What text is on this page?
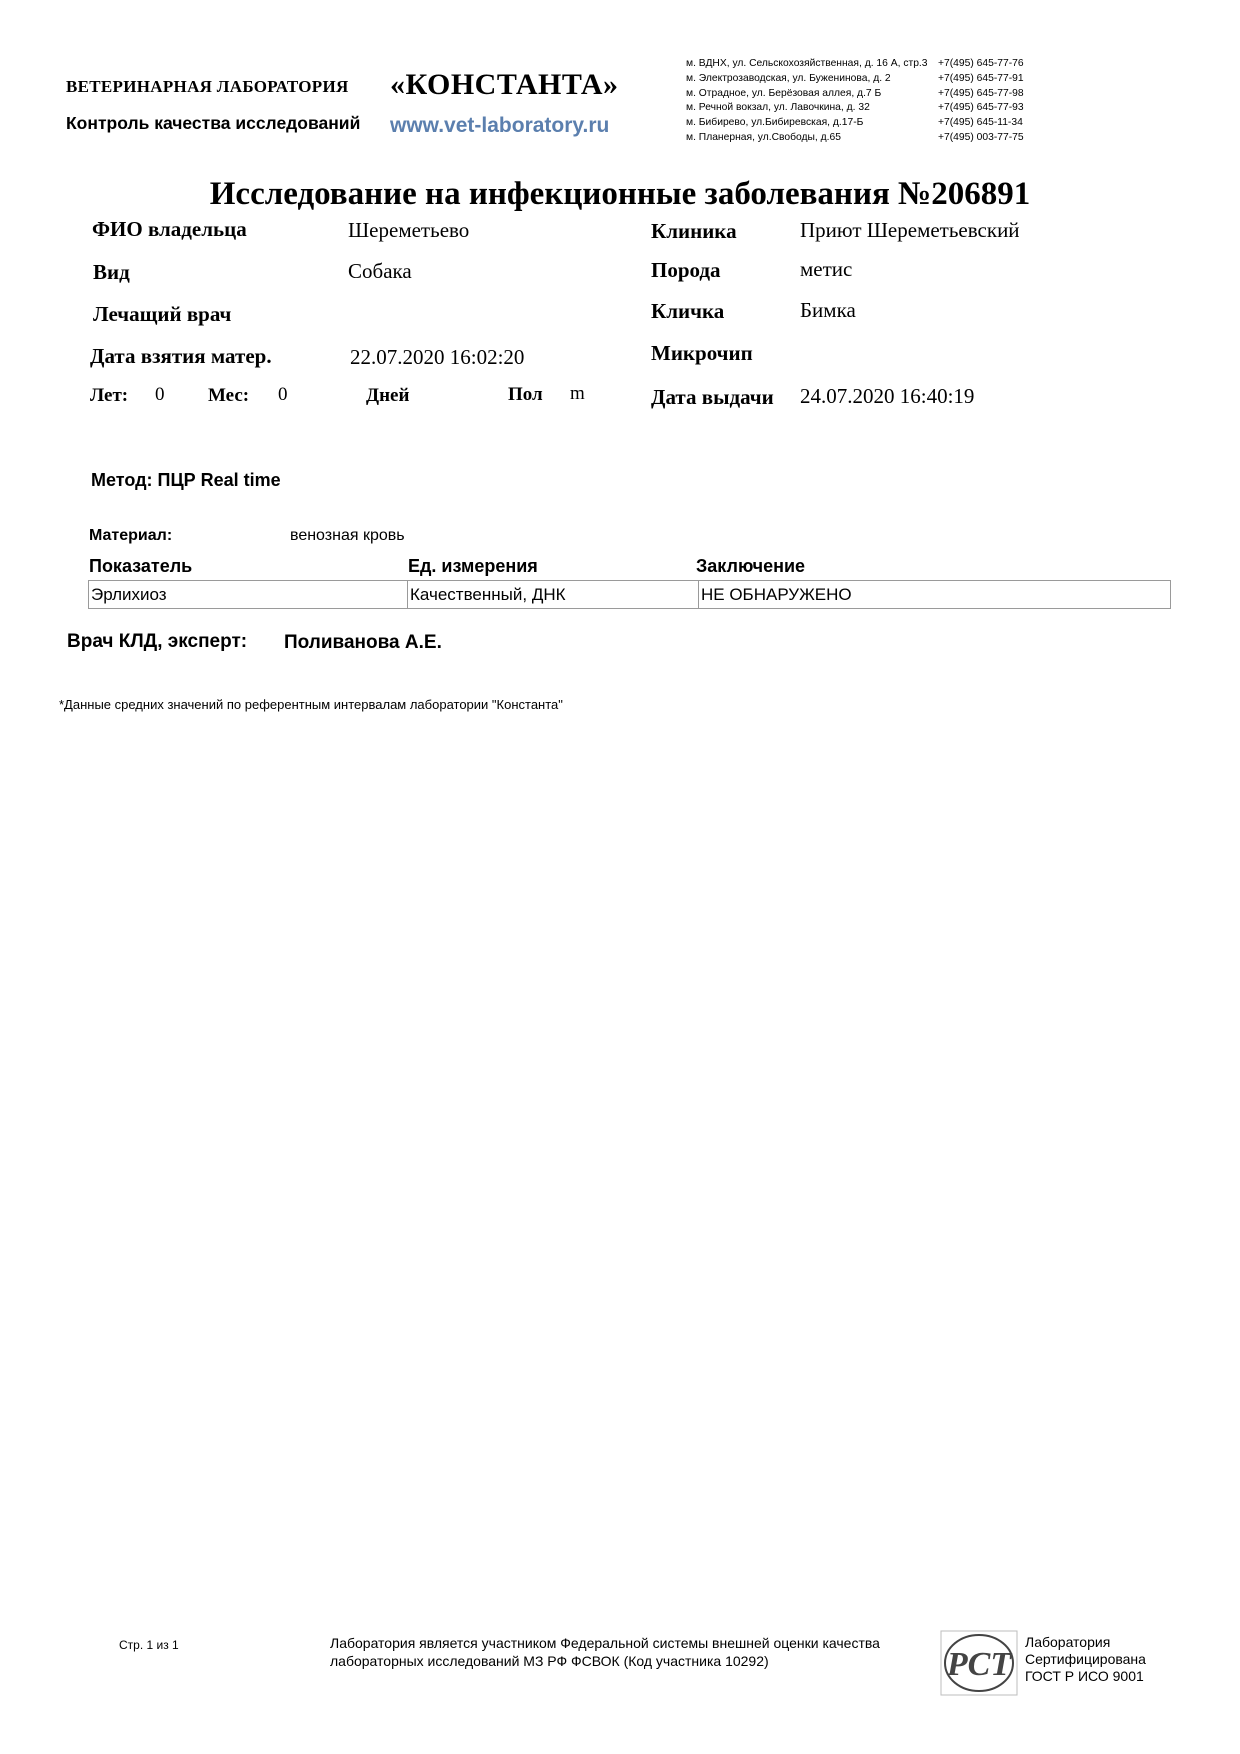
ВЕТЕРИНАРНАЯ ЛАБОРАТОРИЯ «КОНСТАНТА»
Контроль качества исследований www.vet-laboratory.ru
м. ВДНХ, ул. Сельскохозяйственная, д. 16 А, стр.3 +7(495) 645-77-76
м. Электрозаводская, ул. Буженинова, д. 2	+7(495) 645-77-91
м. Отрадное, ул. Берёзовая аллея, д.7 Б	+7(495) 645-77-98
м. Речной вокзал, ул. Лавочкина, д. 32	+7(495) 645-77-93
м. Бибирево, ул.Бибиревская, д.17-Б	+7(495) 645-11-34
м. Планерная, ул.Свободы, д.65	+7(495) 003-77-75
Исследование на инфекционные заболевания №206891
ФИО владельца	Шереметьево
Вид	Собака
Лечащий врач
Дата взятия матер.	22.07.2020 16:02:20
Лет: 0 Мес: 0	Дней	Пол m
Клиника	Приют Шереметьевский
Порода	метис
Кличка	Бимка
Микрочип
Дата выдачи 24.07.2020 16:40:19
Метод: ПЦР Real time
Материал:	венозная кровь
Показатель	Ед. измерения	Заключение
Эрлихиоз	Качественный, ДНК	НЕ ОБНАРУЖЕНО
Врач КЛД, эксперт: Поливанова А.Е.
*Данные средних значений по референтным интервалам лаборатории "Константа"
Стр. 1 из 1	Лаборатория является участником Федеральной системы внешней оценки качества
лабораторных исследований МЗ РФ ФСВОК (Код участника 10292)	РСТ
Лаборатория
Сертифицирована
ГОСТ Р ИСО 9001
